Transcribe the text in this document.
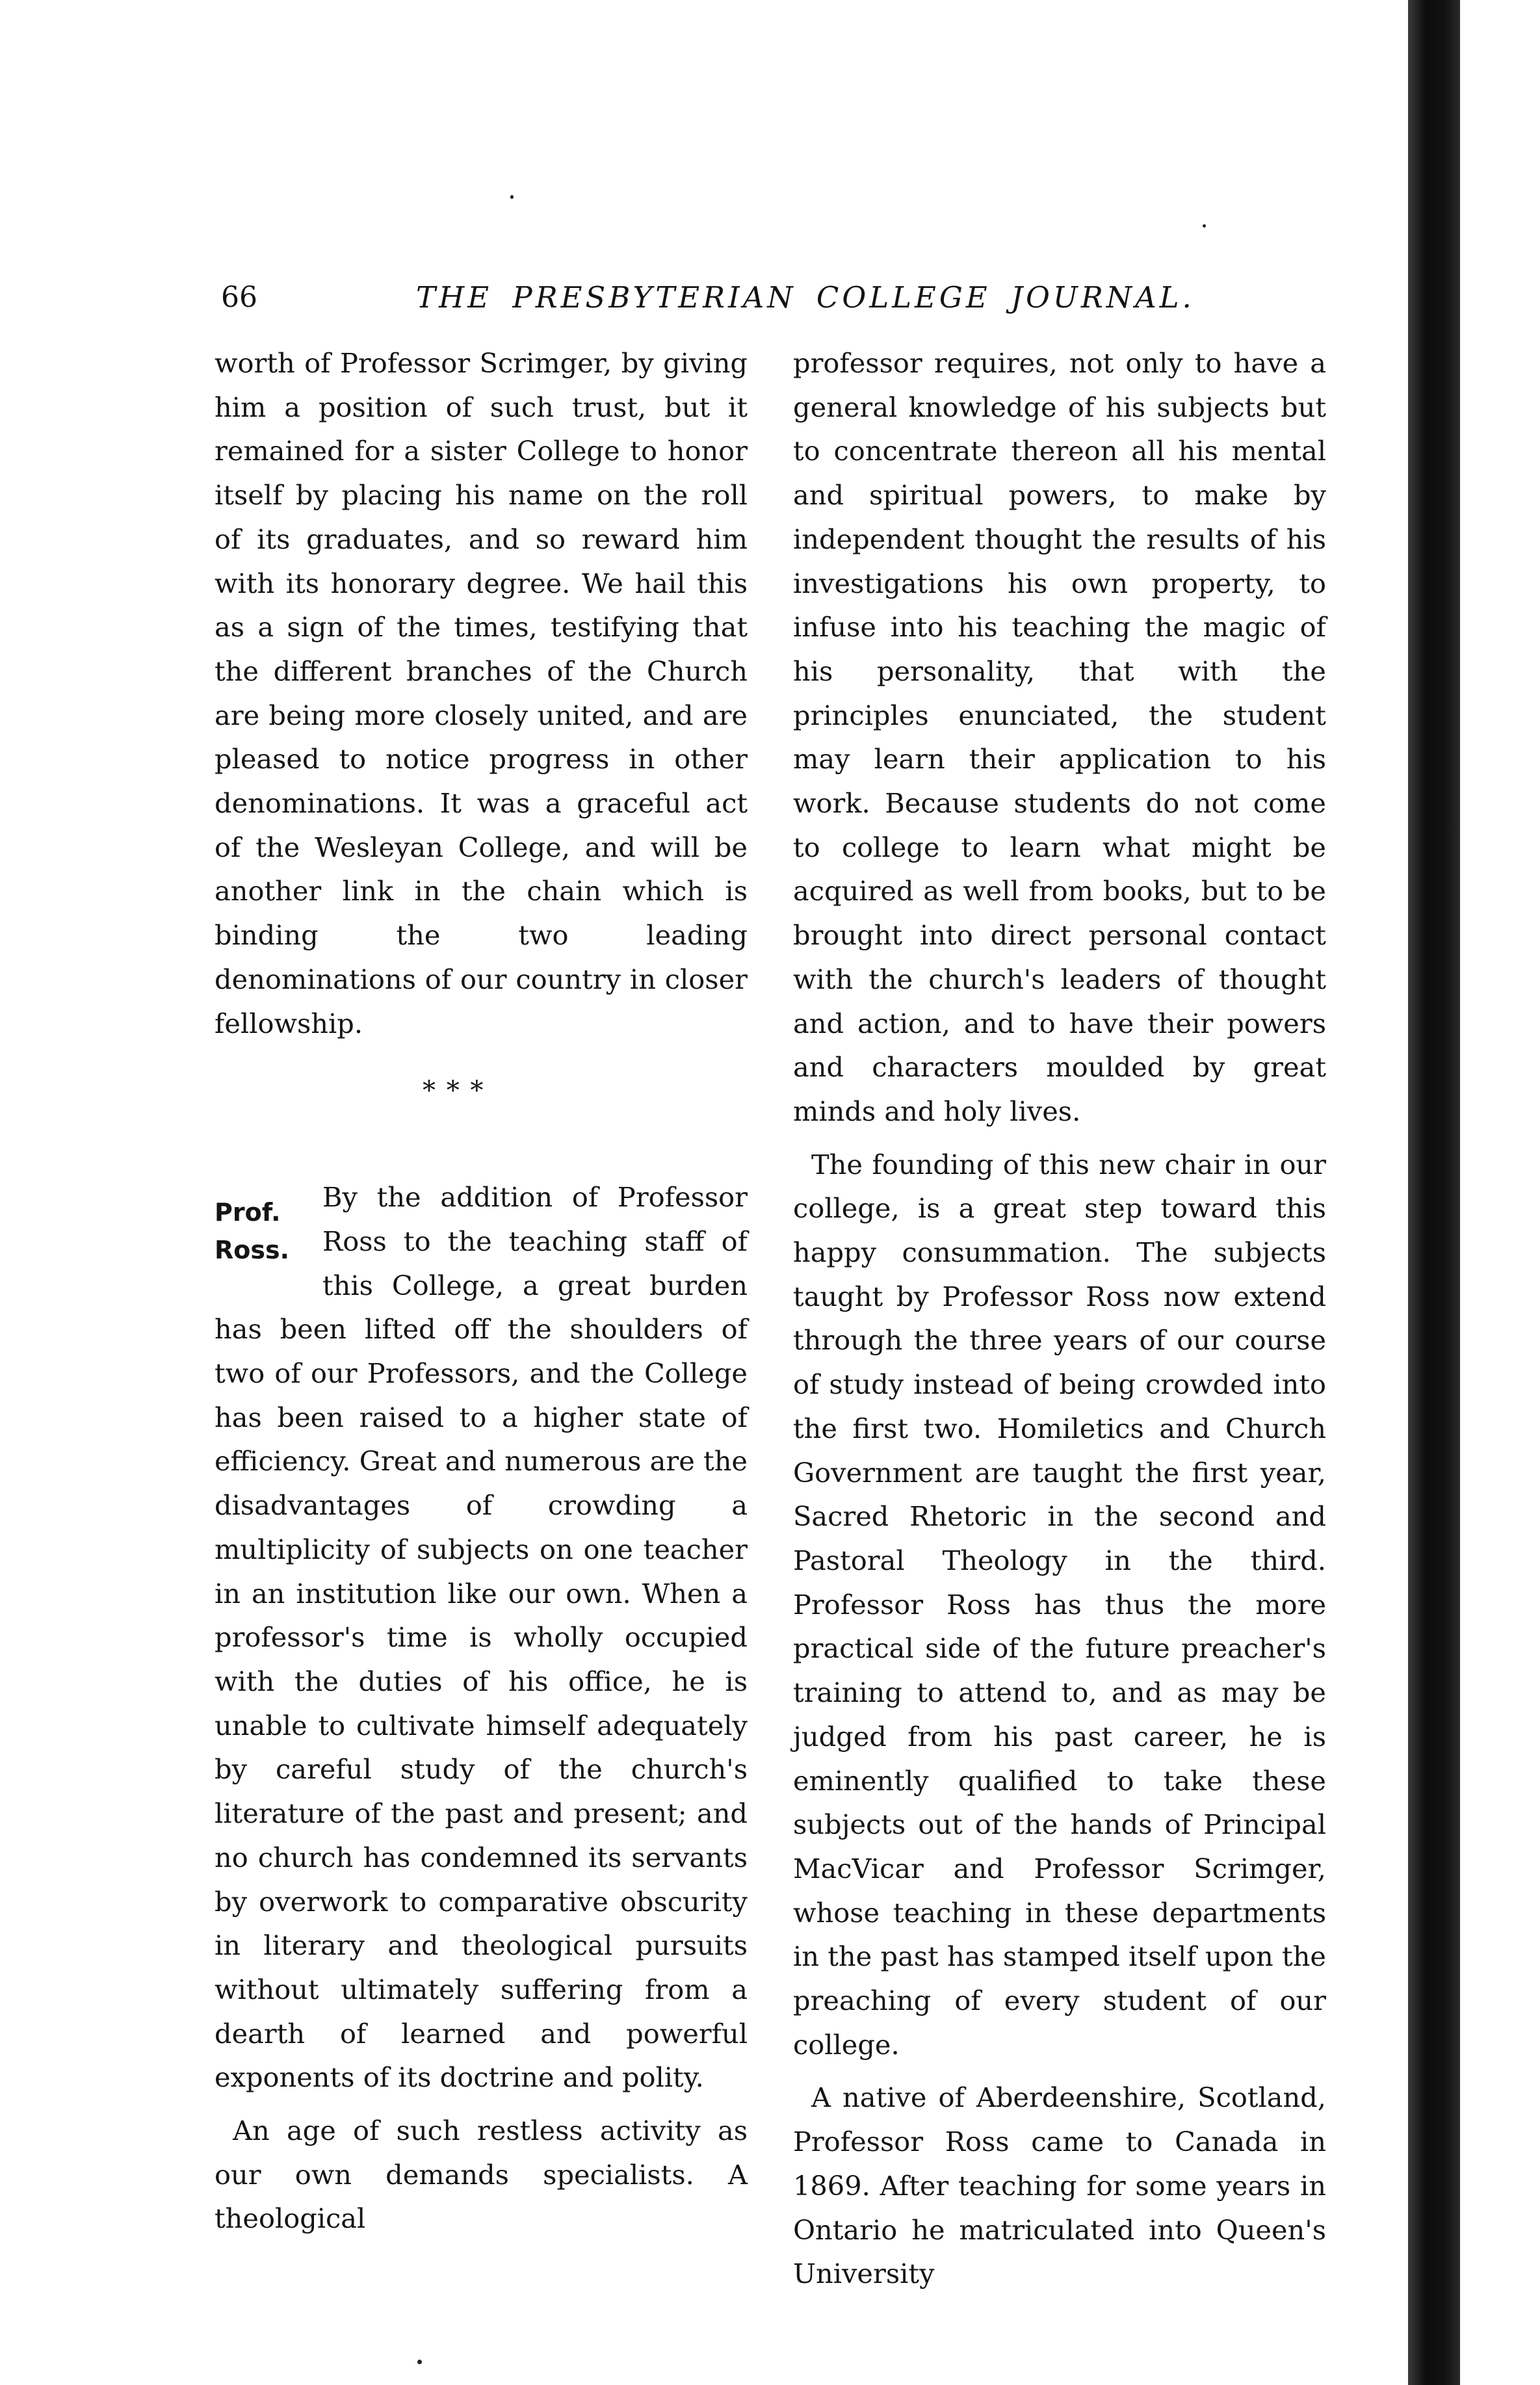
66	THE PRESBYTERIAN COLLEGE JOURNAL.

worth of Professor Scrimger, by giving him a position of such trust, but it remained for a sister College to honor itself by placing his name on the roll of its graduates, and so reward him with its honorary degree. We hail this as a sign of the times, testifying that the different branches of the Church are being more closely united, and are pleased to notice progress in other denominations. It was a graceful act of the Wesleyan College, and will be another link in the chain which is binding the two leading denominations of our country in closer fellowship.

* * *
Prof.
Ross.

By the addition of Professor Ross to the teaching staff of this College, a great burden has been lifted off the shoulders of two of our Professors, and the College has been raised to a higher state of efficiency. Great and numerous are the disadvantages of crowding a multiplicity of subjects on one teacher in an institution like our own. When a professor's time is wholly occupied with the duties of his office, he is unable to cultivate himself adequately by careful study of the church's literature of the past and present; and no church has condemned its servants by overwork to comparative obscurity in literary and theological pursuits without ultimately suffering from a dearth of learned and powerful exponents of its doctrine and polity.

An age of such restless activity as our own demands specialists. A theological

professor requires, not only to have a general knowledge of his subjects but to concentrate thereon all his mental and spiritual powers, to make by independent thought the results of his investigations his own property, to infuse into his teaching the magic of his personality, that with the principles enunciated, the student may learn their application to his work. Because students do not come to college to learn what might be acquired as well from books, but to be brought into direct personal contact with the church's leaders of thought and action, and to have their powers and characters moulded by great minds and holy lives.

The founding of this new chair in our college, is a great step toward this happy consummation. The subjects taught by Professor Ross now extend through the three years of our course of study instead of being crowded into the first two. Homiletics and Church Government are taught the first year, Sacred Rhetoric in the second and Pastoral Theology in the third. Professor Ross has thus the more practical side of the future preacher's training to attend to, and as may be judged from his past career, he is eminently qualified to take these subjects out of the hands of Principal MacVicar and Professor Scrimger, whose teaching in these departments in the past has stamped itself upon the preaching of every student of our college.

A native of Aberdeenshire, Scotland, Professor Ross came to Canada in 1869. After teaching for some years in Ontario he matriculated into Queen's University
